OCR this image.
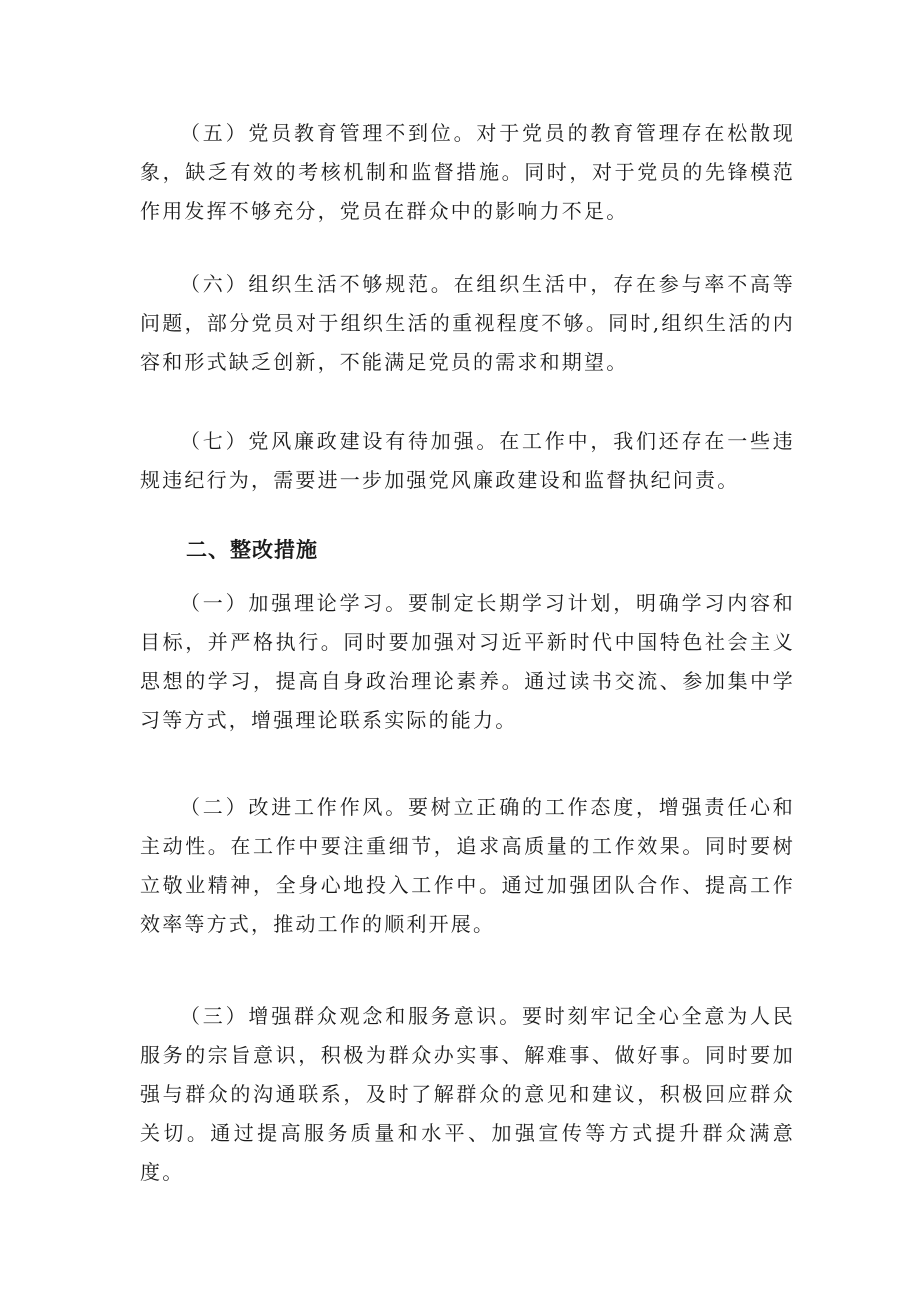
（五）党员教育管理不到位。对于党员的教育管理存在松散现象，缺乏有效的考核机制和监督措施。同时，对于党员的先锋模范作用发挥不够充分，党员在群众中的影响力不足。

（六）组织生活不够规范。在组织生活中，存在参与率不高等问题，部分党员对于组织生活的重视程度不够。同时,组织生活的内容和形式缺乏创新，不能满足党员的需求和期望。

（七）党风廉政建设有待加强。在工作中，我们还存在一些违规违纪行为，需要进一步加强党风廉政建设和监督执纪问责。

二、整改措施

（一）加强理论学习。要制定长期学习计划，明确学习内容和目标，并严格执行。同时要加强对习近平新时代中国特色社会主义思想的学习，提高自身政治理论素养。通过读书交流、参加集中学习等方式，增强理论联系实际的能力。

（二）改进工作作风。要树立正确的工作态度，增强责任心和主动性。在工作中要注重细节，追求高质量的工作效果。同时要树立敬业精神，全身心地投入工作中。通过加强团队合作、提高工作效率等方式，推动工作的顺利开展。

（三）增强群众观念和服务意识。要时刻牢记全心全意为人民服务的宗旨意识，积极为群众办实事、解难事、做好事。同时要加强与群众的沟通联系，及时了解群众的意见和建议，积极回应群众关切。通过提高服务质量和水平、加强宣传等方式提升群众满意度。
